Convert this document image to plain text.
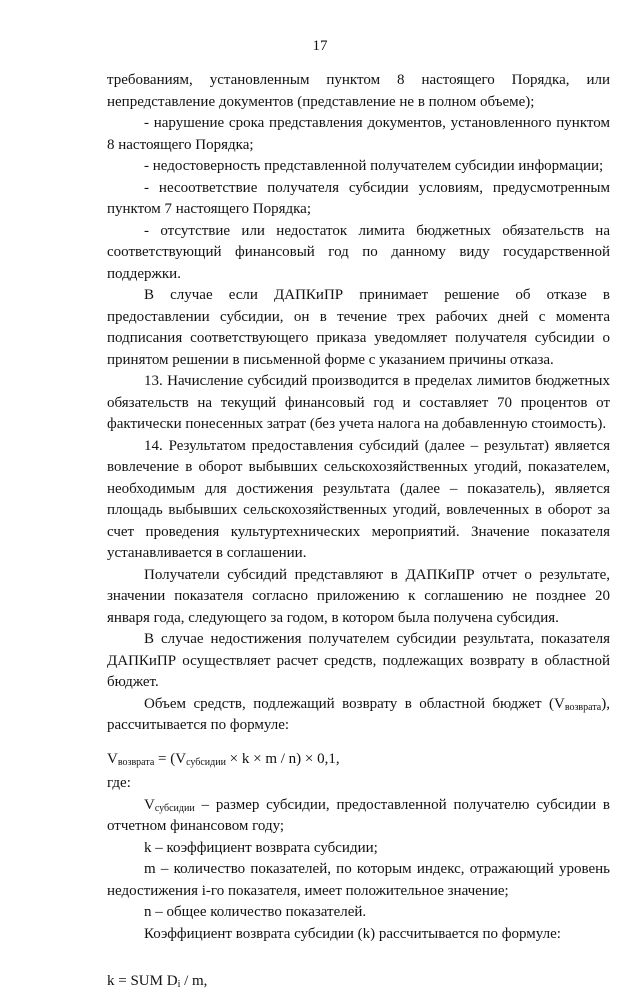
17

требованиям, установленным пунктом 8 настоящего Порядка, или непредставление документов (представление не в полном объеме);

- нарушение срока представления документов, установленного пунктом 8 настоящего Порядка;

- недостоверность представленной получателем субсидии информации;

- несоответствие получателя субсидии условиям, предусмотренным пунктом 7 настоящего Порядка;

- отсутствие или недостаток лимита бюджетных обязательств на соответствующий финансовый год по данному виду государственной поддержки.

В случае если ДАПКиПР принимает решение об отказе в предоставлении субсидии, он в течение трех рабочих дней с момента подписания соответствующего приказа уведомляет получателя субсидии о принятом решении в письменной форме с указанием причины отказа.

13. Начисление субсидий производится в пределах лимитов бюджетных обязательств на текущий финансовый год и составляет 70 процентов от фактически понесенных затрат (без учета налога на добавленную стоимость).

14. Результатом предоставления субсидий (далее – результат) является вовлечение в оборот выбывших сельскохозяйственных угодий, показателем, необходимым для достижения результата (далее – показатель), является площадь выбывших сельскохозяйственных угодий, вовлеченных в оборот за счет проведения культуртехнических мероприятий. Значение показателя устанавливается в соглашении.

Получатели субсидий представляют в ДАПКиПР отчет о результате, значении показателя согласно приложению к соглашению не позднее 20 января года, следующего за годом, в котором была получена субсидия.

В случае недостижения получателем субсидии результата, показателя ДАПКиПР осуществляет расчет средств, подлежащих возврату в областной бюджет.

Объем средств, подлежащий возврату в областной бюджет $(V_{возврата})$, рассчитывается по формуле:

$V_{возврата} = (V_{субсидии} \times k \times m / n) \times 0,1$,

где:

$V_{субсидии}$ – размер субсидии, предоставленной получателю субсидии в отчетном финансовом году;

k – коэффициент возврата субсидии;

m – количество показателей, по которым индекс, отражающий уровень недостижения i-го показателя, имеет положительное значение;

n – общее количество показателей.

Коэффициент возврата субсидии (k) рассчитывается по формуле:

k = SUM $D_i$ / m,
